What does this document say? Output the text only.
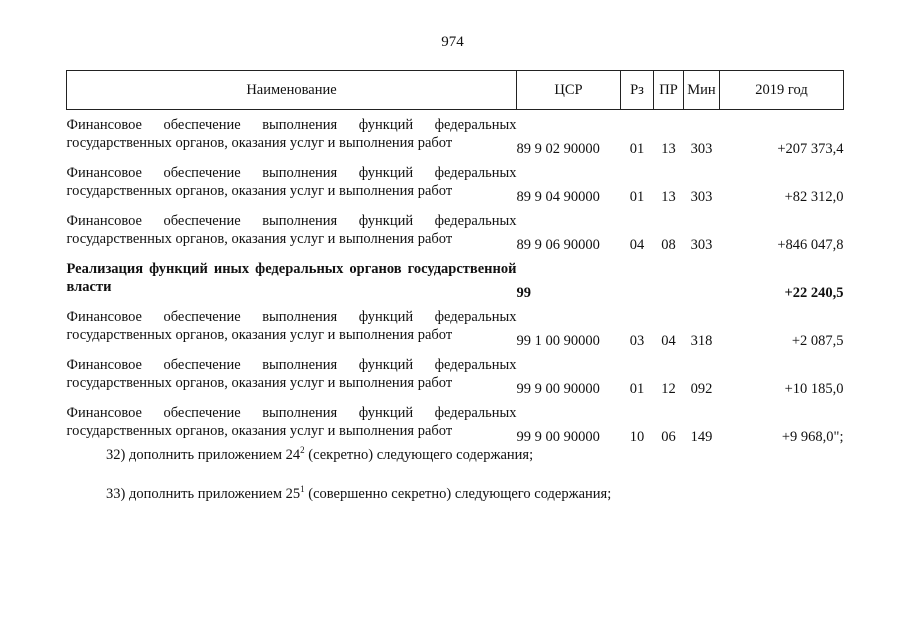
974
Наименование	ЦСР	Рз	ПР	Мин	2019 год
Финансовое обеспечение выполнения функций федеральных государственных органов, оказания услуг и выполнения работ	89 9 02 90000	01	13	303	+207 373,4
Финансовое обеспечение выполнения функций федеральных государственных органов, оказания услуг и выполнения работ	89 9 04 90000	01	13	303	+82 312,0
Финансовое обеспечение выполнения функций федеральных государственных органов, оказания услуг и выполнения работ	89 9 06 90000	04	08	303	+846 047,8
Реализация функций иных федеральных органов государственной власти	99				+22 240,5
Финансовое обеспечение выполнения функций федеральных государственных органов, оказания услуг и выполнения работ	99 1 00 90000	03	04	318	+2 087,5
Финансовое обеспечение выполнения функций федеральных государственных органов, оказания услуг и выполнения работ	99 9 00 90000	01	12	092	+10 185,0
Финансовое обеспечение выполнения функций федеральных государственных органов, оказания услуг и выполнения работ	99 9 00 90000	10	06	149	+9 968,0";
32) дополнить приложением $24^2$ (секретно) следующего содержания;
33) дополнить приложением $25^1$ (совершенно секретно) следующего содержания;
